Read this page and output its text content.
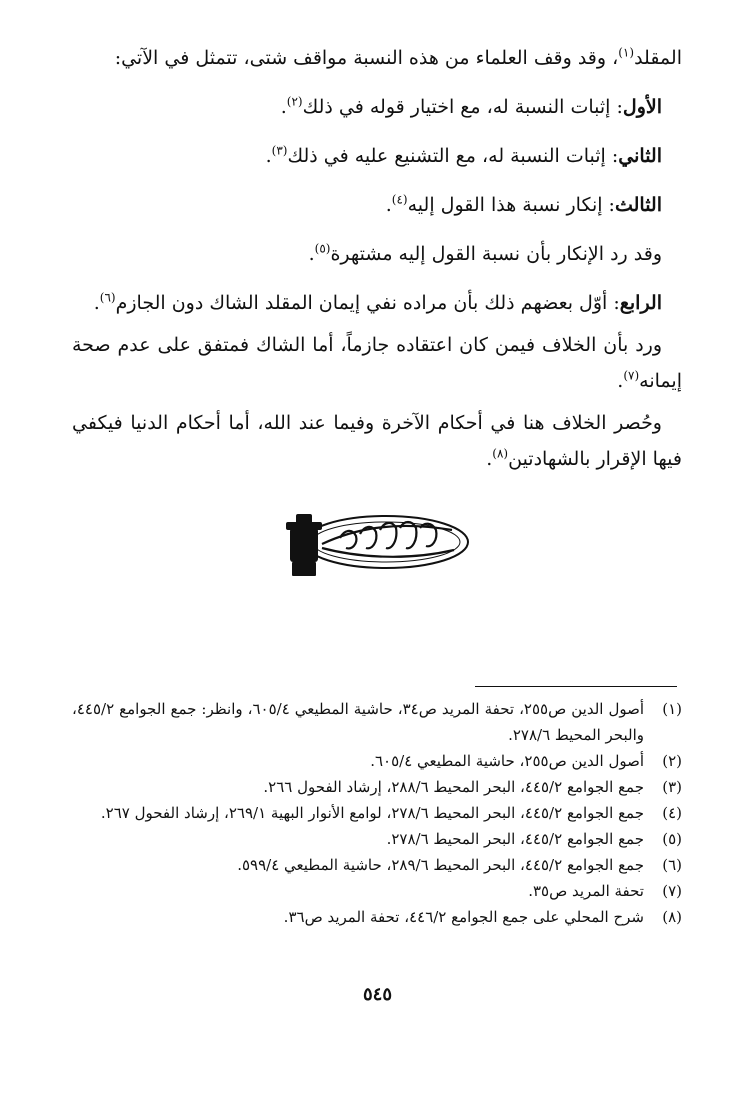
المقلد$^{(١)}$، وقد وقف العلماء من هذه النسبة مواقف شتى، تتمثل في الآتي:

الأول: إثبات النسبة له، مع اختيار قوله في ذلك$^{(٢)}$.

الثاني: إثبات النسبة له، مع التشنيع عليه في ذلك$^{(٣)}$.

الثالث: إنكار نسبة هذا القول إليه$^{(٤)}$.

وقد رد الإنكار بأن نسبة القول إليه مشتهرة$^{(٥)}$.

الرابع: أوّل بعضهم ذلك بأن مراده نفي إيمان المقلد الشاك دون الجازم$^{(٦)}$.

ورد بأن الخلاف فيمن كان اعتقاده جازماً، أما الشاك فمتفق على عدم صحة إيمانه$^{(٧)}$.

وحُصر الخلاف هنا في أحكام الآخرة وفيما عند الله، أما أحكام الدنيا فيكفي فيها الإقرار بالشهادتين$^{(٨)}$.

(١)
أصول الدين ص٢٥٥، تحفة المريد ص٣٤، حاشية المطيعي ٦٠٥/٤، وانظر: جمع الجوامع ٤٤٥/٢، والبحر المحيط ٢٧٨/٦.
(٢)
أصول الدين ص٢٥٥، حاشية المطيعي ٦٠٥/٤.
(٣)
جمع الجوامع ٤٤٥/٢، البحر المحيط ٢٨٨/٦، إرشاد الفحول ٢٦٦.
(٤)
جمع الجوامع ٤٤٥/٢، البحر المحيط ٢٧٨/٦، لوامع الأنوار البهية ٢٦٩/١، إرشاد الفحول ٢٦٧.
(٥)
جمع الجوامع ٤٤٥/٢، البحر المحيط ٢٧٨/٦.
(٦)
جمع الجوامع ٤٤٥/٢، البحر المحيط ٢٨٩/٦، حاشية المطيعي ٥٩٩/٤.
(٧)
تحفة المريد ص٣٥.
(٨)
شرح المحلي على جمع الجوامع ٤٤٦/٢، تحفة المريد ص٣٦.
٥٤٥
